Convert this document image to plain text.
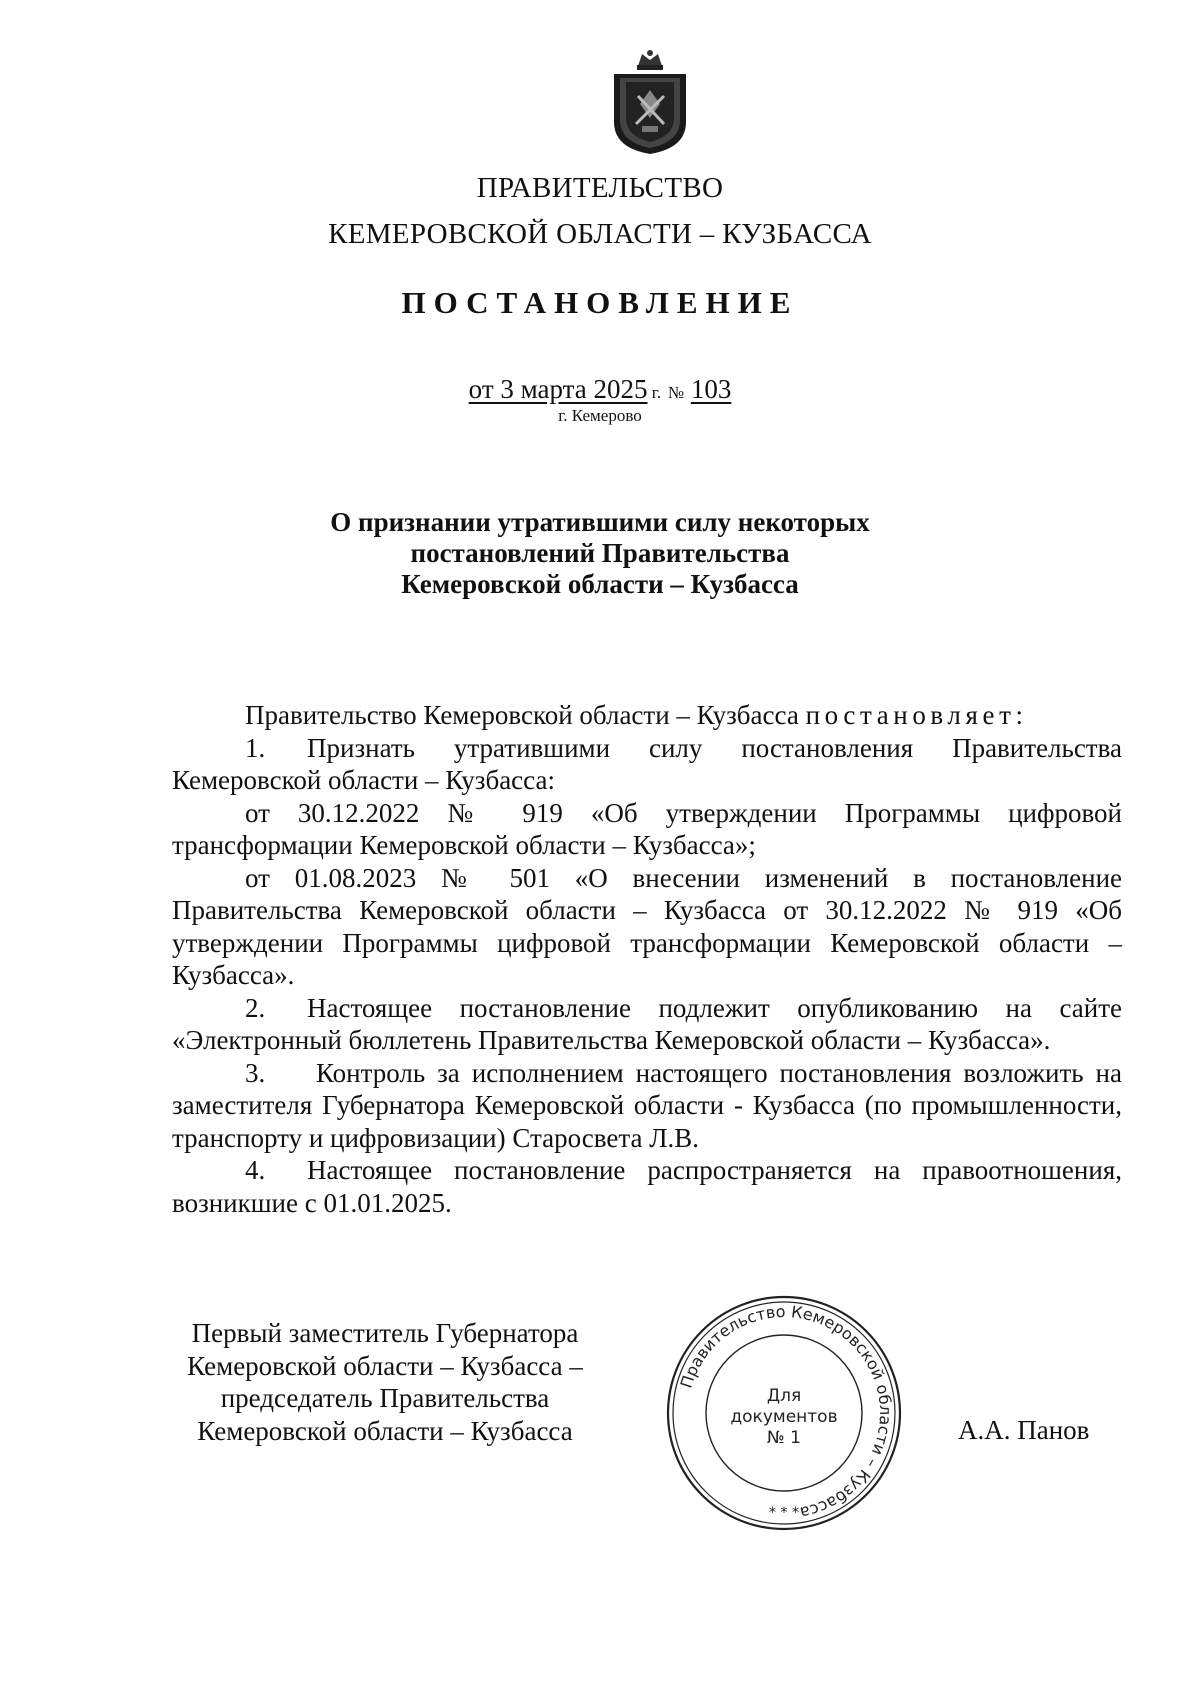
ПРАВИТЕЛЬСТВО
КЕМЕРОВСКОЙ ОБЛАСТИ – КУЗБАССА
ПОСТАНОВЛЕНИЕ
от 3 марта 2025 г. № 103
г. Кемерово
О признании утратившими силу некоторых
постановлений Правительства
Кемеровской области – Кузбасса

Правительство Кемеровской области – Кузбасса постановляет:

1. Признать утратившими силу постановления Правительства Кемеровской области – Кузбасса:

от 30.12.2022 № 919 «Об утверждении Программы цифровой трансформации Кемеровской области – Кузбасса»;

от 01.08.2023 № 501 «О внесении изменений в постановление Правительства Кемеровской области – Кузбасса от 30.12.2022 № 919 «Об утверждении Программы цифровой трансформации Кемеровской области – Кузбасса».

2. Настоящее постановление подлежит опубликованию на сайте «Электронный бюллетень Правительства Кемеровской области – Кузбасса».

3. Контроль за исполнением настоящего постановления возложить на заместителя Губернатора Кемеровской области - Кузбасса (по промышленности, транспорту и цифровизации) Старосвета Л.В.

4. Настоящее постановление распространяется на правоотношения, возникшие с 01.01.2025.

Первый заместитель Губернатора
Кемеровской области – Кузбасса –
председатель Правительства
Кемеровской области – Кузбасса
Правительство Кемеровской области – Кузбасса
* * *
Для
документов
№ 1	А.А. Панов
